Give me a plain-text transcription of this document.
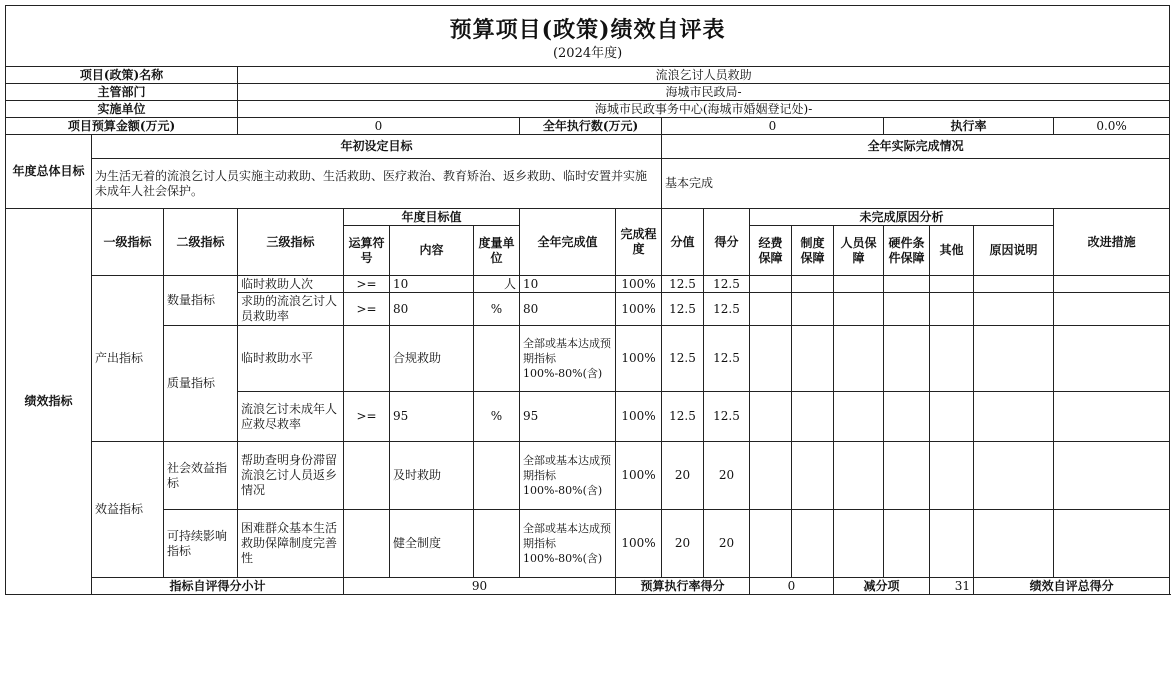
预算项目(政策)绩效自评表
(2024年度)																		

项目(政策)名称			流浪乞讨人员救助															
主管部门			海城市民政局-															
实施单位			海城市民政事务中心(海城市婚姻登记处)-															
项目预算金额(万元)			0				全年执行数(万元)		0					执行率			0.0%	
年度总体目标	年初设定目标								全年实际完成情况									
	为生活无着的流浪乞讨人员实施主动救助、生活救助、医疗救治、教育矫治、返乡救助、临时安置并实施未成年人社会保护。								基本完成									
绩效指标	一级指标	二级指标	三级指标	年度目标值			全年完成值	完成程度	分值	得分	未完成原因分析						改进措施	
				运算符号	内容	度量单位					经费保障	制度保障	人员保障	硬件条件保障	其他	原因说明		
	产出指标	数量指标	临时救助人次	>=	10	人	10	100%	12.5	12.5								
			求助的流浪乞讨人员救助率	>=	80	%	80	100%	12.5	12.5								
		质量指标	临时救助水平		合规救助		全部或基本达成预期指标100%-80%(含)	100%	12.5	12.5								
			流浪乞讨未成年人应救尽救率	>=	95	%	95	100%	12.5	12.5								
	效益指标	社会效益指标	帮助查明身份滞留流浪乞讨人员返乡情况		及时救助		全部或基本达成预期指标100%-80%(含)	100%	20	20								
		可持续影响指标	困难群众基本生活救助保障制度完善性		健全制度		全部或基本达成预期指标100%-80%(含)	100%	20	20								
	指标自评得分小计			90				预算执行率得分			0		减分项		31	绩效自评总得分	
